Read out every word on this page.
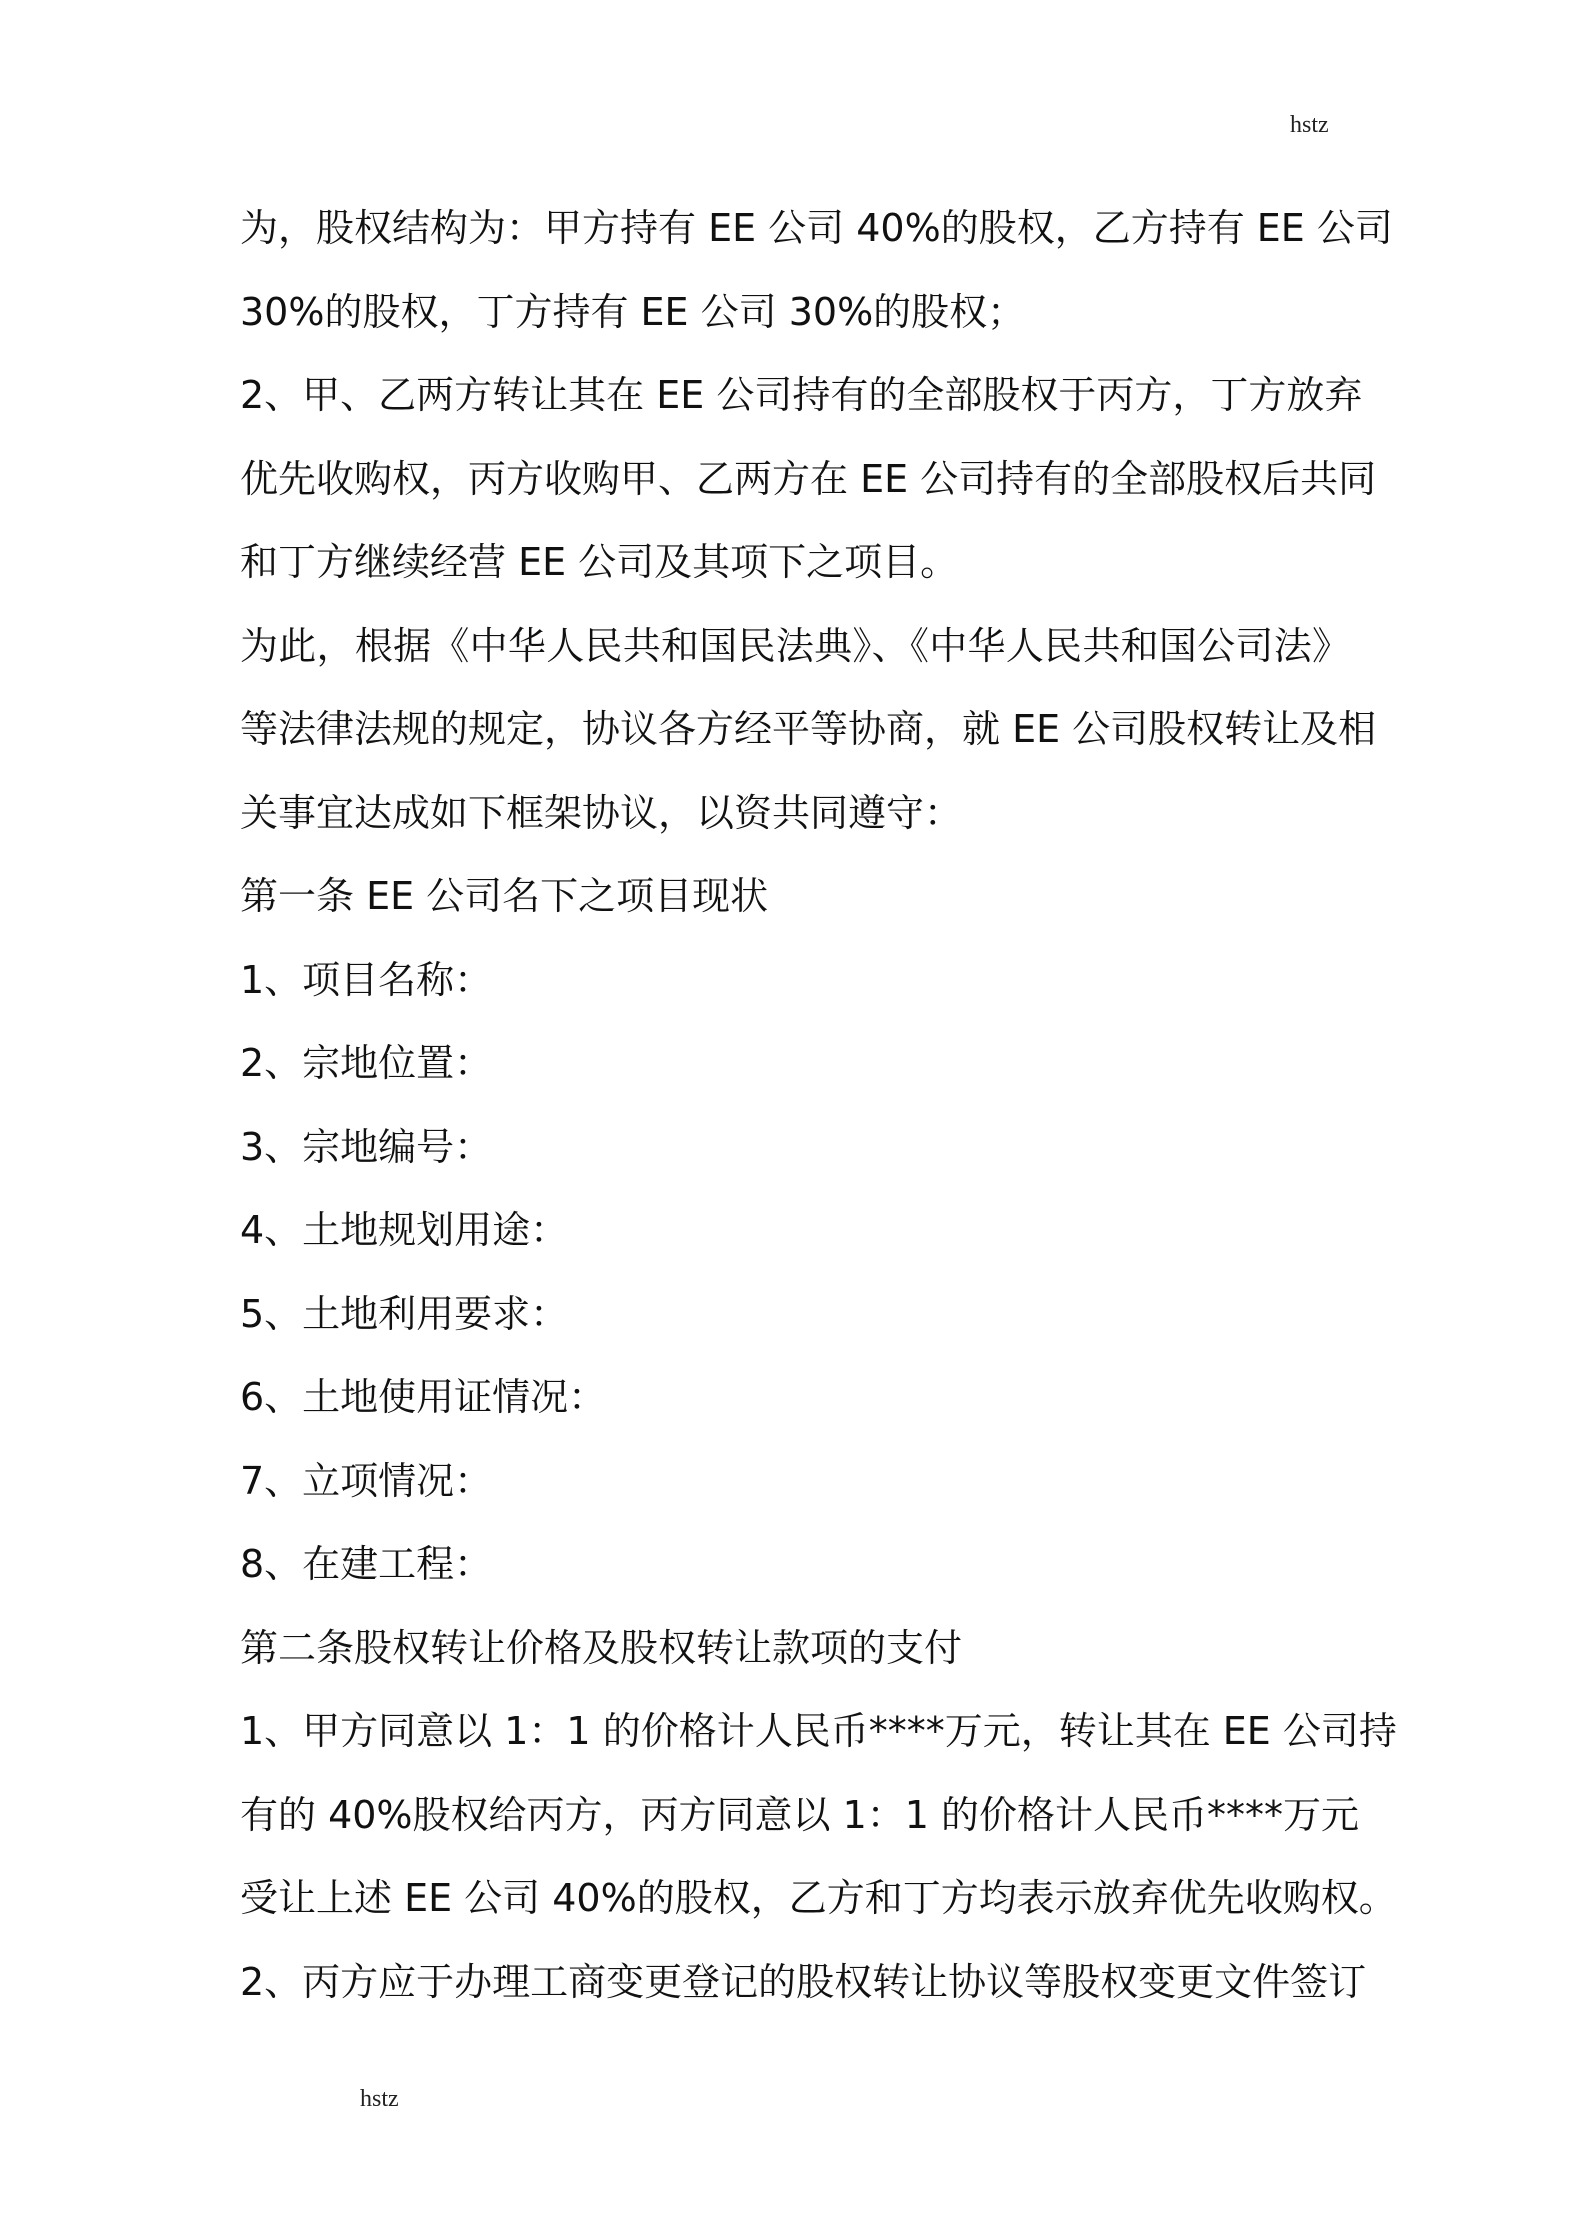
hstz
为，股权结构为：甲方持有 EE 公司 40%的股权，乙方持有 EE 公司
30%的股权，丁方持有 EE 公司 30%的股权；
2、甲、乙两方转让其在 EE 公司持有的全部股权于丙方，丁方放弃
优先收购权，丙方收购甲、乙两方在 EE 公司持有的全部股权后共同
和丁方继续经营 EE 公司及其项下之项目。
为此，根据《中华人民共和国民法典》、《中华人民共和国公司法》
等法律法规的规定，协议各方经平等协商，就 EE 公司股权转让及相
关事宜达成如下框架协议，以资共同遵守：
第一条 EE 公司名下之项目现状
1、项目名称：
2、宗地位置：
3、宗地编号：
4、土地规划用途：
5、土地利用要求：
6、土地使用证情况：
7、立项情况：
8、在建工程：
第二条股权转让价格及股权转让款项的支付
1、甲方同意以 1：1 的价格计人民币****万元，转让其在 EE 公司持
有的 40%股权给丙方，丙方同意以 1：1 的价格计人民币****万元
受让上述 EE 公司 40%的股权，乙方和丁方均表示放弃优先收购权。
2、丙方应于办理工商变更登记的股权转让协议等股权变更文件签订
hstz
